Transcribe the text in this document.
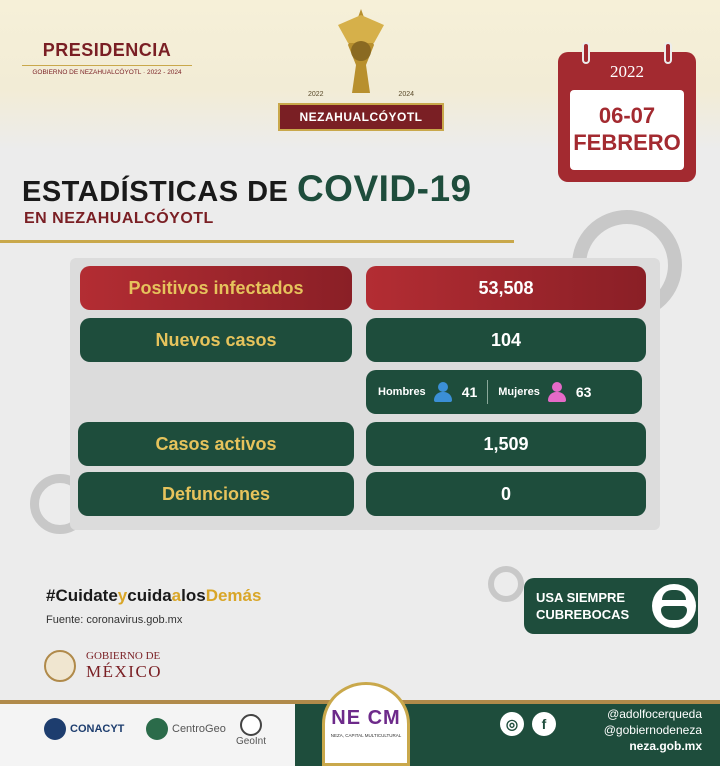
PRESIDENCIA
GOBIERNO DE NEZAHUALCÓYOTL · 2022 - 2024
2022	2024
NEZAHUALCÓYOTL
2022
06-07
FEBRERO
ESTADÍSTICAS DE COVID-19
EN NEZAHUALCÓYOTL
Positivos infectados	53,508
Nuevos casos	104
Hombres	41 Mujeres	63
Casos activos	1,509
Defunciones	0
#CuidateycuidaalosDemás
Fuente: coronavirus.gob.mx
USA SIEMPRE
CUBREBOCAS
GOBIERNO DE
MÉXICO
CONACYT	CentroGeo
GeoInt
NE CM
NEZA, CAPITAL MULTICULTURAL
◎	f
@adolfocerqueda
@gobiernodeneza
neza.gob.mx
